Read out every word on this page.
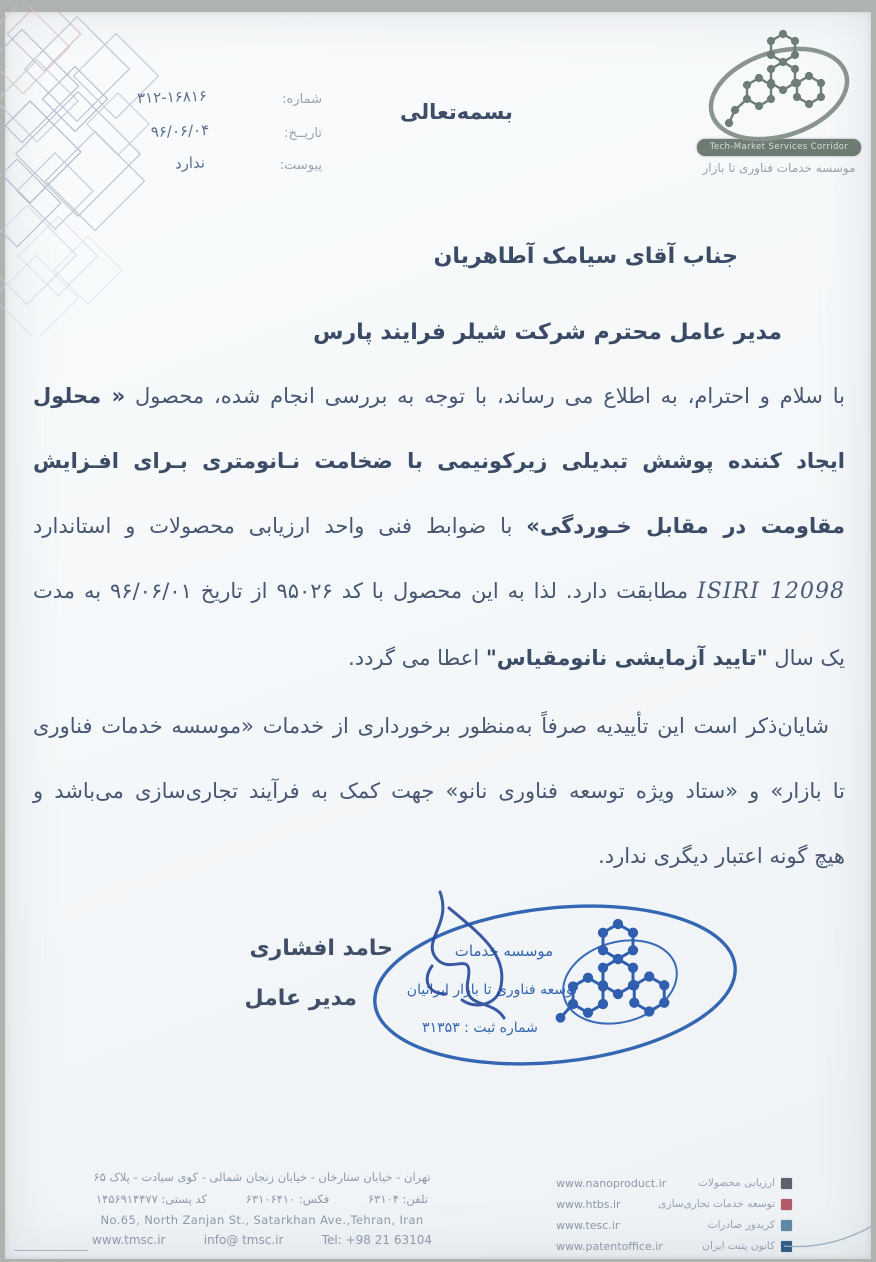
شماره:
۳۱۲-۱۶۸۱۶
تاریــخ:
۹۶/۰۶/۰۴
پیوست:
ندارد
بسمه‌تعالی
Tech-Market Services Corridor
موسسه خدمات فناوری تا بازار
جناب آقای سیامک آطاهریان
مدیر عامل محترم شرکت شیلر فرایند پارس
با سلام و احترام، به اطلاع می رساند، با توجه به بررسی انجام شده، محصول « محلول
ایجاد کننده پوشش تبدیلی زیرکونیمی با ضخامت نـانومتری بـرای افـزایش
مقاومت در مقابل خـوردگی» با ضوابط فنی واحد ارزیابی محصولات و استاندارد
ISIRI 12098 مطابقت دارد. لذا به این محصول با کد ۹۵۰۲۶ از تاریخ ۹۶/۰۶/۰۱ به مدت
یک سال "تایید آزمایشی نانومقیاس" اعطا می گردد.
شایان‌ذکر است این تأییدیه صرفاً به‌منظور برخورداری از خدمات «موسسه خدمات فناوری
تا بازار» و «ستاد ویژه توسعه فناوری نانو» جهت کمک به فرآیند تجاری‌سازی می‌باشد و
هیچ گونه اعتبار دیگری ندارد.
حامد افشاری
مدیر عامل
موسسه خدمات
توسعه فناوری تا بازار ایرانیان
شماره ثبت : ۳۱۳۵۳
تهران - خیابان ستارخان - خیابان زنجان شمالی - کوی سیادت - پلاک ۶۵
تلفن: ۶۳۱۰۴
فکس: ۶۳۱۰۶۴۱۰
کد پستی: ۱۴۵۶۹۱۴۴۷۷
No.65, North Zanjan St., Satarkhan Ave.,Tehran, Iran
www.tmsc.ir	info@ tmsc.ir	Tel: +98 21 63104
ارزیابی محصولات
www.nanoproduct.ir
توسعه خدمات تجاری‌سازی
www.htbs.ir
کریدور صادرات
www.tesc.ir
کانون پتنت ایران
www.patentoffice.ir
